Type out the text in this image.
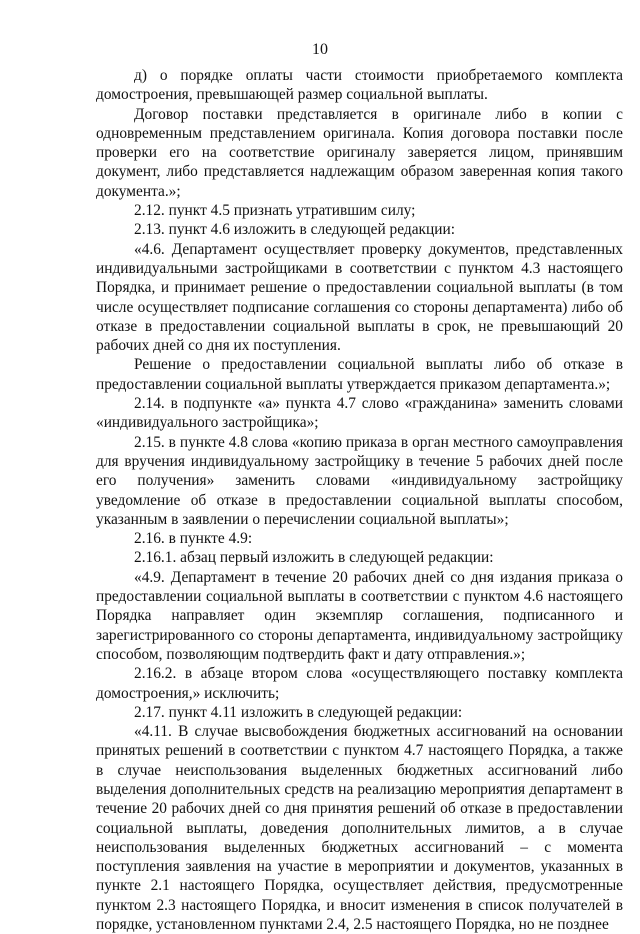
10

д) о порядке оплаты части стоимости приобретаемого комплекта домостроения, превышающей размер социальной выплаты.

Договор поставки представляется в оригинале либо в копии с одновременным представлением оригинала. Копия договора поставки после проверки его на соответствие оригиналу заверяется лицом, принявшим документ, либо представляется надлежащим образом заверенная копия такого документа.»;

2.12. пункт 4.5 признать утратившим силу;

2.13. пункт 4.6 изложить в следующей редакции:

«4.6. Департамент осуществляет проверку документов, представленных индивидуальными застройщиками в соответствии с пунктом 4.3 настоящего Порядка, и принимает решение о предоставлении социальной выплаты (в том числе осуществляет подписание соглашения со стороны департамента) либо об отказе в предоставлении социальной выплаты в срок, не превышающий 20 рабочих дней со дня их поступления.

Решение о предоставлении социальной выплаты либо об отказе в предоставлении социальной выплаты утверждается приказом департамента.»;

2.14. в подпункте «а» пункта 4.7 слово «гражданина» заменить словами «индивидуального застройщика»;

2.15. в пункте 4.8 слова «копию приказа в орган местного самоуправления для вручения индивидуальному застройщику в течение 5 рабочих дней после его получения» заменить словами «индивидуальному застройщику уведомление об отказе в предоставлении социальной выплаты способом, указанным в заявлении о перечислении социальной выплаты»;

2.16. в пункте 4.9:

2.16.1. абзац первый изложить в следующей редакции:

«4.9. Департамент в течение 20 рабочих дней со дня издания приказа о предоставлении социальной выплаты в соответствии с пунктом 4.6 настоящего Порядка направляет один экземпляр соглашения, подписанного и зарегистрированного со стороны департамента, индивидуальному застройщику способом, позволяющим подтвердить факт и дату отправления.»;

2.16.2. в абзаце втором слова «осуществляющего поставку комплекта домостроения,» исключить;

2.17. пункт 4.11 изложить в следующей редакции:

«4.11. В случае высвобождения бюджетных ассигнований на основании принятых решений в соответствии с пунктом 4.7 настоящего Порядка, а также в случае неиспользования выделенных бюджетных ассигнований либо выделения дополнительных средств на реализацию мероприятия департамент в течение 20 рабочих дней со дня принятия решений об отказе в предоставлении социальной выплаты, доведения дополнительных лимитов, а в случае неиспользования выделенных бюджетных ассигнований – с момента поступления заявления на участие в мероприятии и документов, указанных в пункте 2.1 настоящего Порядка, осуществляет действия, предусмотренные пунктом 2.3 настоящего Порядка, и вносит изменения в список получателей в порядке, установленном пунктами 2.4, 2.5 настоящего Порядка, но не позднее
